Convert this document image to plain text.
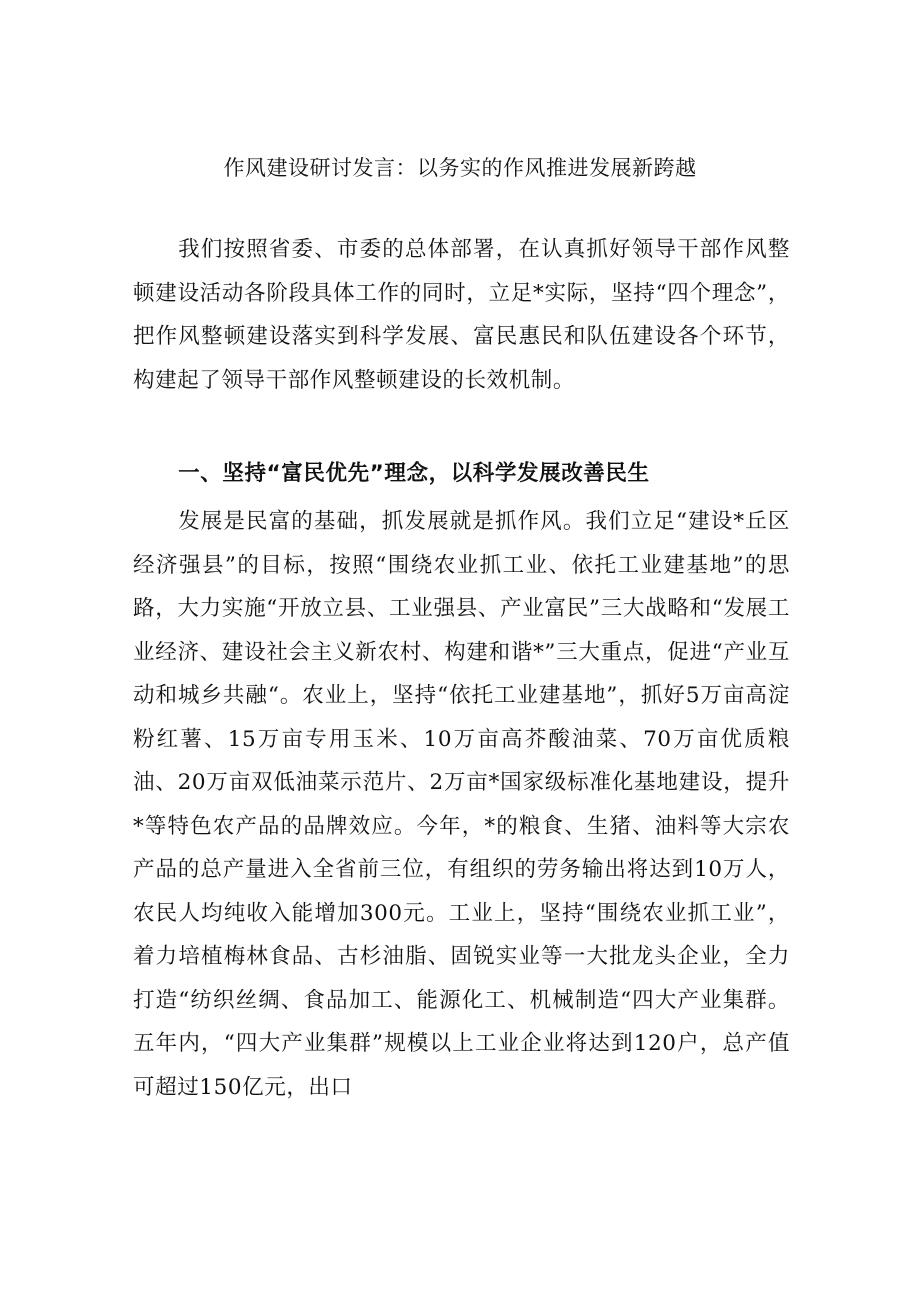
作风建设研讨发言：以务实的作风推进发展新跨越

我们按照省委、市委的总体部署，在认真抓好领导干部作风整顿建设活动各阶段具体工作的同时，立足*实际，坚持“四个理念”，把作风整顿建设落实到科学发展、富民惠民和队伍建设各个环节，构建起了领导干部作风整顿建设的长效机制。

一、坚持“富民优先”理念，以科学发展改善民生

发展是民富的基础，抓发展就是抓作风。我们立足“建设*丘区经济强县”的目标，按照“围绕农业抓工业、依托工业建基地”的思路，大力实施“开放立县、工业强县、产业富民”三大战略和“发展工业经济、建设社会主义新农村、构建和谐*”三大重点，促进“产业互动和城乡共融“。农业上，坚持“依托工业建基地”，抓好5万亩高淀粉红薯、15万亩专用玉米、10万亩高芥酸油菜、70万亩优质粮油、20万亩双低油菜示范片、2万亩*国家级标准化基地建设，提升*等特色农产品的品牌效应。今年，*的粮食、生猪、油料等大宗农产品的总产量进入全省前三位，有组织的劳务输出将达到10万人，农民人均纯收入能增加300元。工业上，坚持“围绕农业抓工业”，着力培植梅林食品、古杉油脂、固锐实业等一大批龙头企业，全力打造“纺织丝绸、食品加工、能源化工、机械制造“四大产业集群。五年内，“四大产业集群”规模以上工业企业将达到120户，总产值可超过150亿元，出口
